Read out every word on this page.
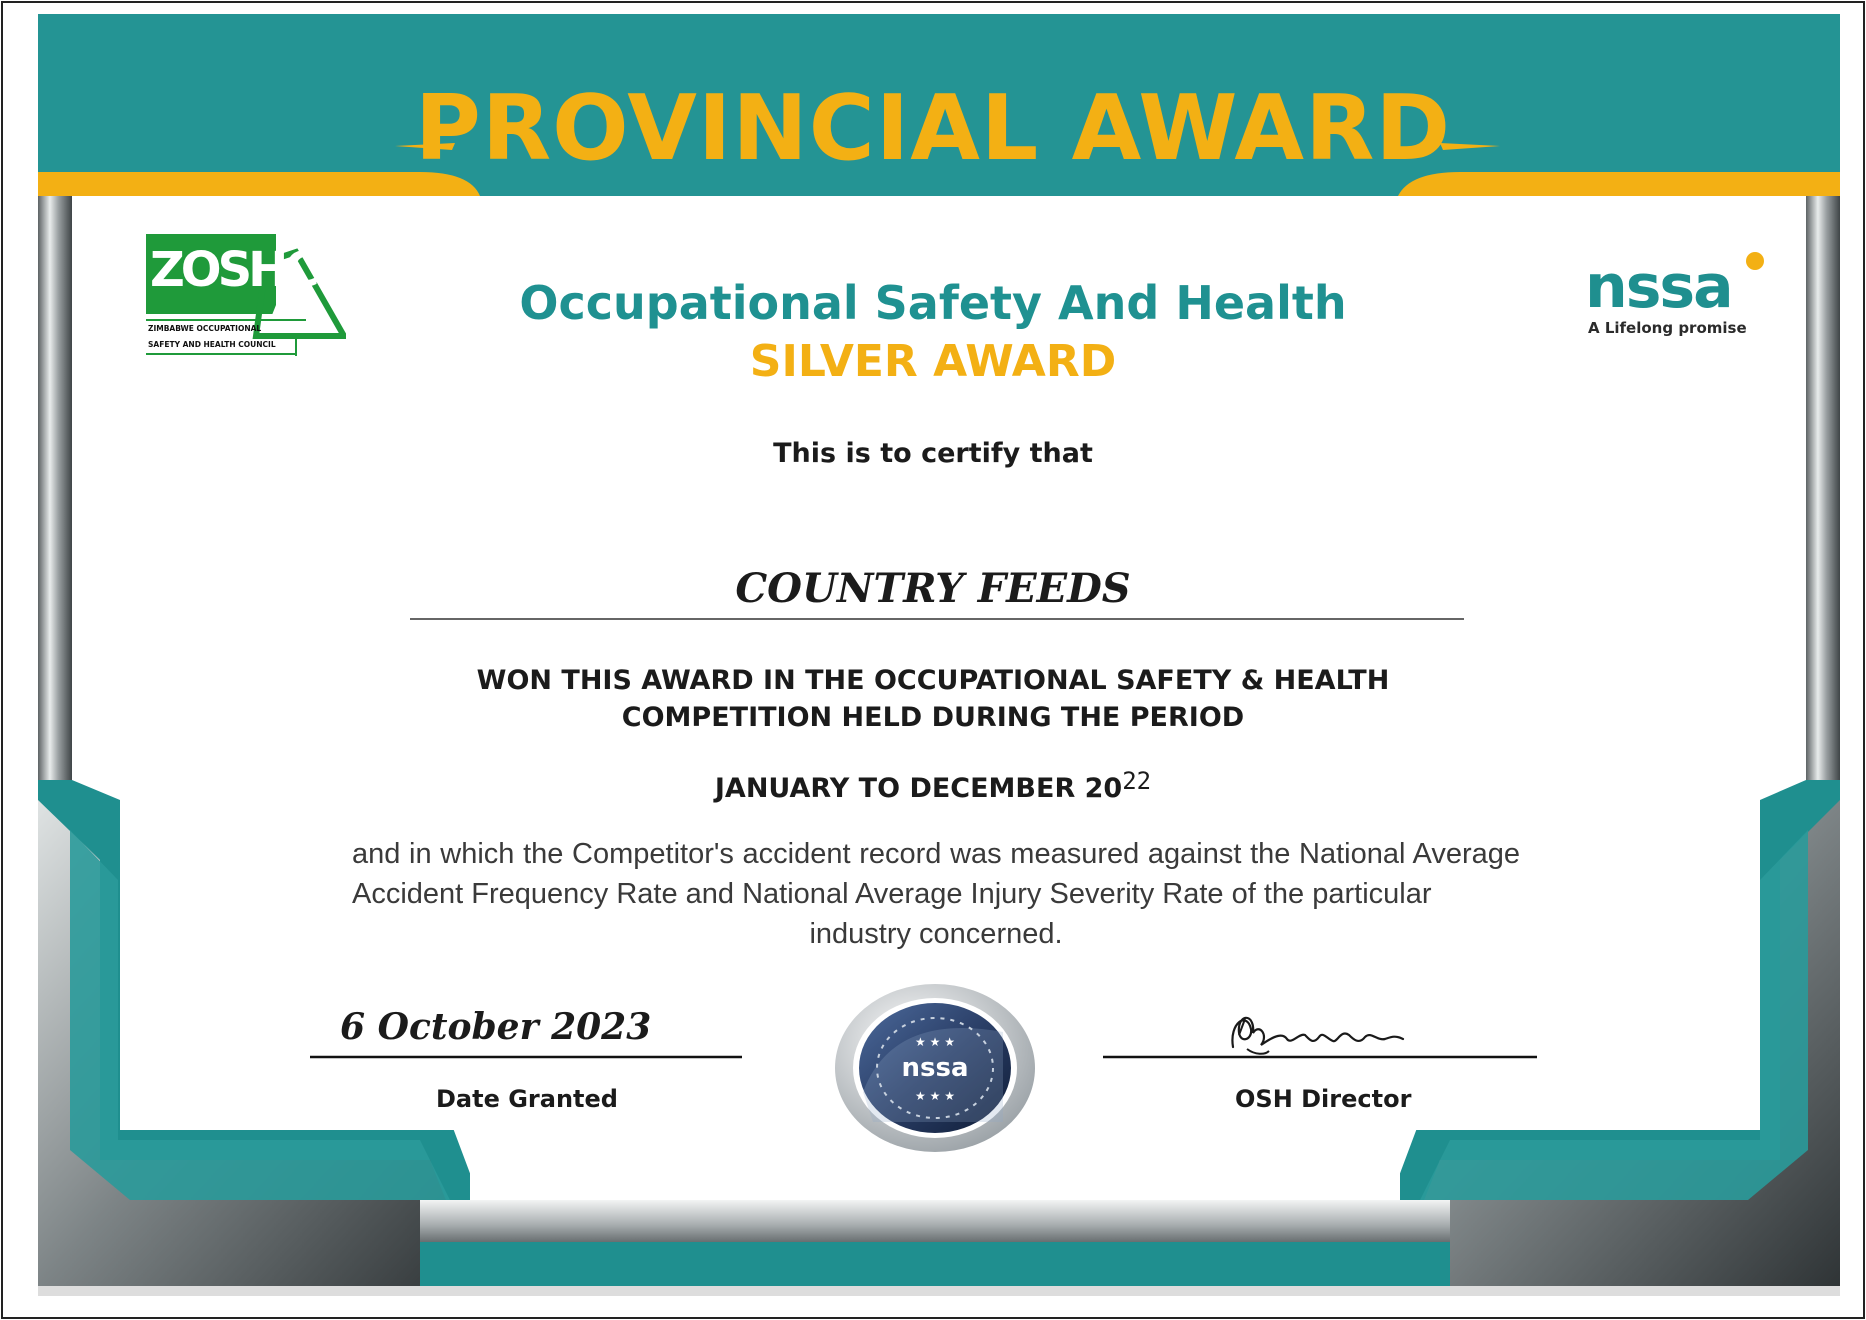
PROVINCIAL AWARD
ZOSHC
ZIMBABWE OCCUPATIONAL
SAFETY AND HEALTH COUNCIL
nssa
A Lifelong promise
Occupational Safety And Health
SILVER AWARD
This is to certify that
COUNTRY FEEDS
WON THIS AWARD IN THE OCCUPATIONAL SAFETY & HEALTH
COMPETITION HELD DURING THE PERIOD
JANUARY TO DECEMBER 2022
and in which the Competitor's accident record was measured against the National Average Accident Frequency Rate and National Average Injury Severity Rate of the particular
industry concerned.
6 October 2023
Date Granted
nssa
★ ★ ★
★ ★ ★	OSH Director
